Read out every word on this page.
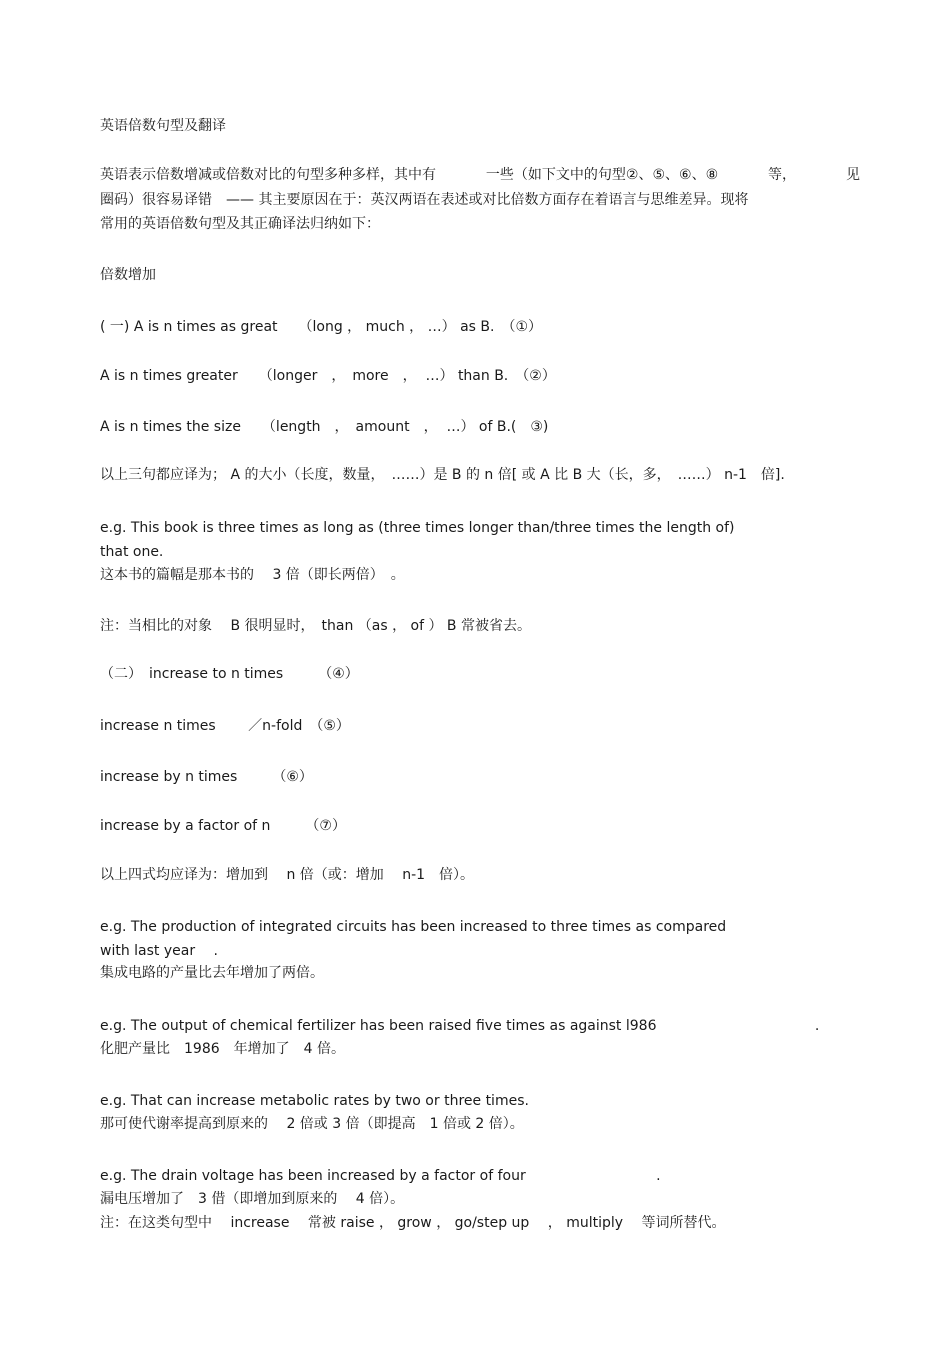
英语倍数句型及翻译
英语表示倍数增减或倍数对比的句型多种多样，其中有	一些（如下文中的句型②、⑤、⑥、⑧	等，	见
圈码）很容易译错　—— 其主要原因在于：英汉两语在表述或对比倍数方面存在着语言与思维差异。现将
常用的英语倍数句型及其正确译法归纳如下：
倍数增加
( 一) A is n times as great　　（long ， much ， …） as B.　（①）
A is n times greater　　（longer　，　more　，  …） than B.　（②）
A is n times the size　　（length　，　amount　，  …） of B.(　③)
以上三句都应译为； A 的大小（长度，数量，　……）是 B 的 n 倍[ 或 A 比 B 大（长，多，　……） n-1　倍].
e.g. This book is three times as long as (three times longer than/three times the length of)
that one.
这本书的篇幅是那本书的　 3 倍（即长两倍）　。
注：当相比的对象　 B 很明显时，　than （as ， of ） B 常被省去。
（二）　increase to n times　　　（④）
increase n times　　 ／n-fold　（⑤）
increase by n times　　　（⑥）
increase by a factor of n　　　（⑦）
以上四式均应译为：增加到　 n 倍（或：增加　 n-1　倍）。
e.g. The production of integrated circuits has been increased to three times as compared
with last year　 .
集成电路的产量比去年增加了两倍。
e.g. The output of chemical fertilizer has been raised five times as against l986　　　　　　　　　　　 .
化肥产量比　1986　年增加了　4 倍。
e.g. That can increase metabolic rates by two or three times.
那可使代谢率提高到原来的　 2 倍或 3 倍（即提高　1 倍或 2 倍）。
e.g. The drain voltage has been increased by a factor of four　　　　　　　　　 .
漏电压增加了　3 借（即增加到原来的　 4 倍）。
注：在这类句型中　 increase　 常被 raise ， grow ， go/step up　 ， multiply　 等词所替代。
